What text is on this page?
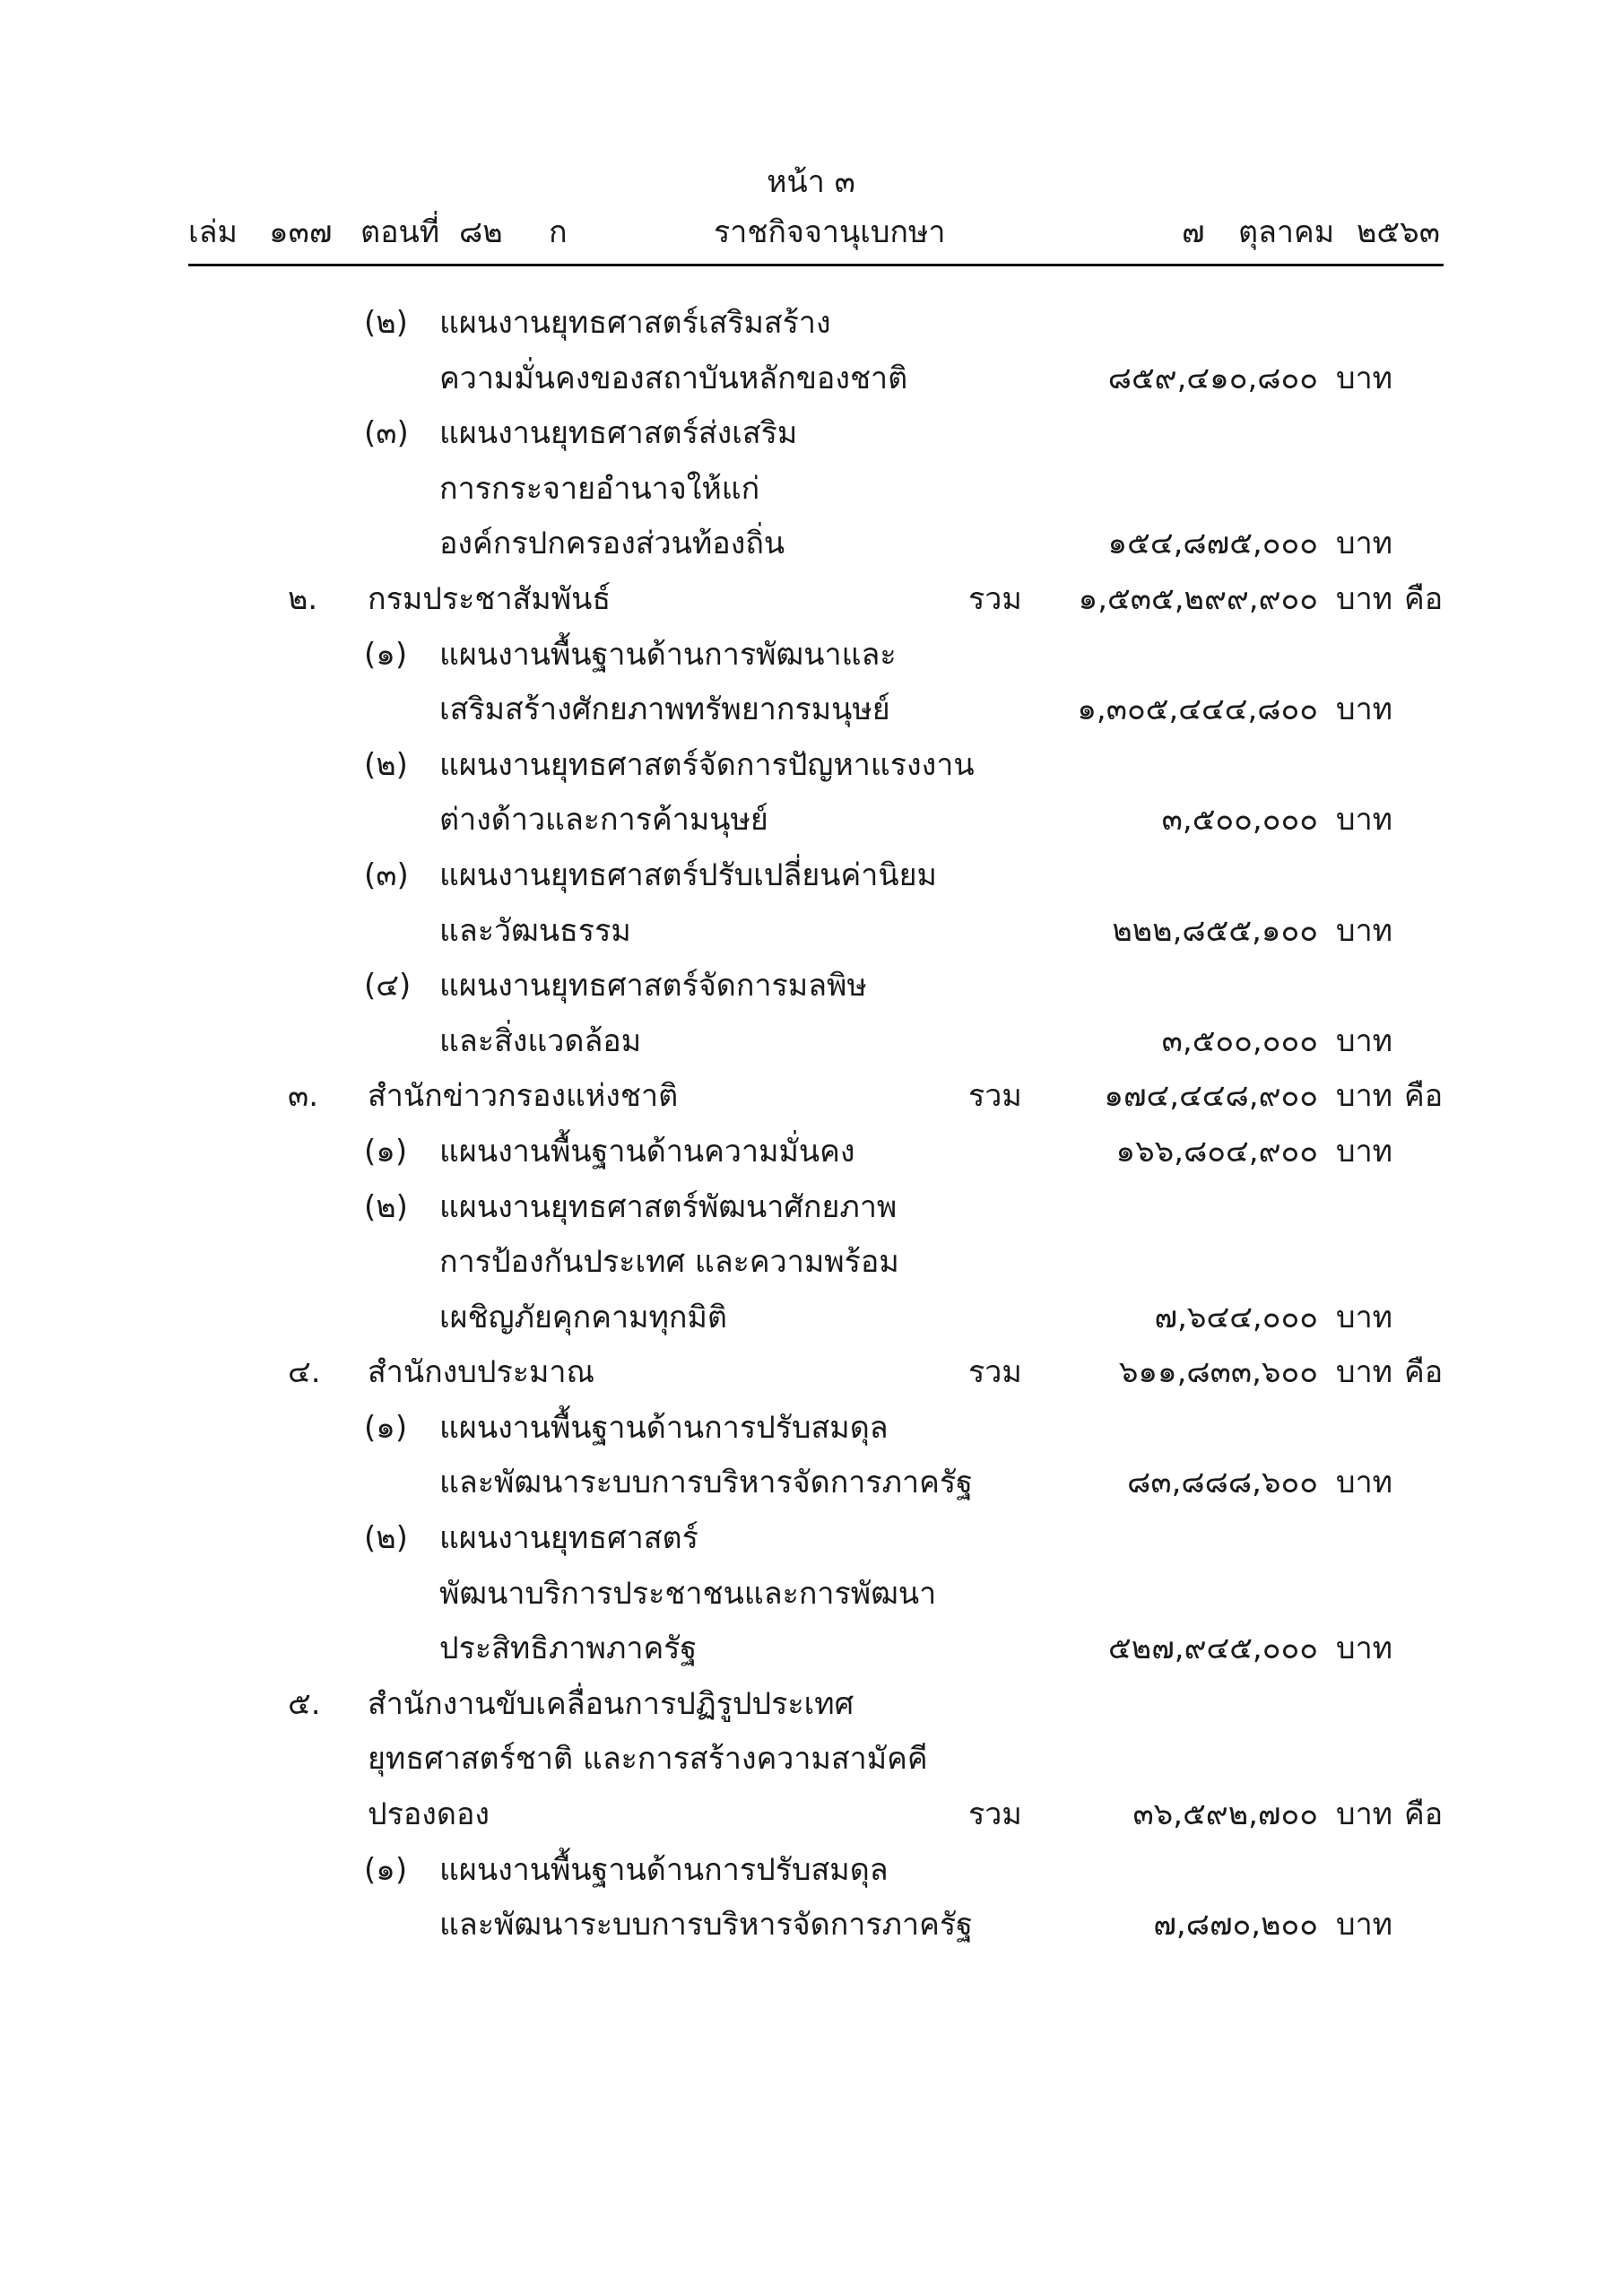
หน้า ๓
เล่ม ๑๓๗ ตอนที่ ๘๒ ก	ราชกิจจานุเบกษา	๗ ตุลาคม ๒๕๖๓
(๒) แผนงานยุทธศาสตร์เสริมสร้าง
ความมั่นคงของสถาบันหลักของชาติ	๘๕๙,๔๑๐,๘๐๐ บาท
(๓) แผนงานยุทธศาสตร์ส่งเสริม
การกระจายอำนาจให้แก่
องค์กรปกครองส่วนท้องถิ่น	๑๕๔,๘๗๕,๐๐๐ บาท
๒. กรมประชาสัมพันธ์	รวม	๑,๕๓๕,๒๙๙,๙๐๐ บาท คือ
(๑) แผนงานพื้นฐานด้านการพัฒนาและ
เสริมสร้างศักยภาพทรัพยากรมนุษย์	๑,๓๐๕,๔๔๔,๘๐๐ บาท
(๒) แผนงานยุทธศาสตร์จัดการปัญหาแรงงาน
ต่างด้าวและการค้ามนุษย์	๓,๕๐๐,๐๐๐ บาท
(๓) แผนงานยุทธศาสตร์ปรับเปลี่ยนค่านิยม
และวัฒนธรรม	๒๒๒,๘๕๕,๑๐๐ บาท
(๔) แผนงานยุทธศาสตร์จัดการมลพิษ
และสิ่งแวดล้อม	๓,๕๐๐,๐๐๐ บาท
๓. สำนักข่าวกรองแห่งชาติ	รวม	๑๗๔,๔๔๘,๙๐๐ บาท คือ
(๑) แผนงานพื้นฐานด้านความมั่นคง	๑๖๖,๘๐๔,๙๐๐ บาท
(๒) แผนงานยุทธศาสตร์พัฒนาศักยภาพ
การป้องกันประเทศ และความพร้อม
เผชิญภัยคุกคามทุกมิติ	๗,๖๔๔,๐๐๐ บาท
๔. สำนักงบประมาณ	รวม	๖๑๑,๘๓๓,๖๐๐ บาท คือ
(๑) แผนงานพื้นฐานด้านการปรับสมดุล
และพัฒนาระบบการบริหารจัดการภาครัฐ	๘๓,๘๘๘,๖๐๐ บาท
(๒) แผนงานยุทธศาสตร์
พัฒนาบริการประชาชนและการพัฒนา
ประสิทธิภาพภาครัฐ	๕๒๗,๙๔๕,๐๐๐ บาท
๕. สำนักงานขับเคลื่อนการปฏิรูปประเทศ
ยุทธศาสตร์ชาติ และการสร้างความสามัคคี
ปรองดอง	รวม	๓๖,๕๙๒,๗๐๐ บาท คือ
(๑) แผนงานพื้นฐานด้านการปรับสมดุล
และพัฒนาระบบการบริหารจัดการภาครัฐ	๗,๘๗๐,๒๐๐ บาท
